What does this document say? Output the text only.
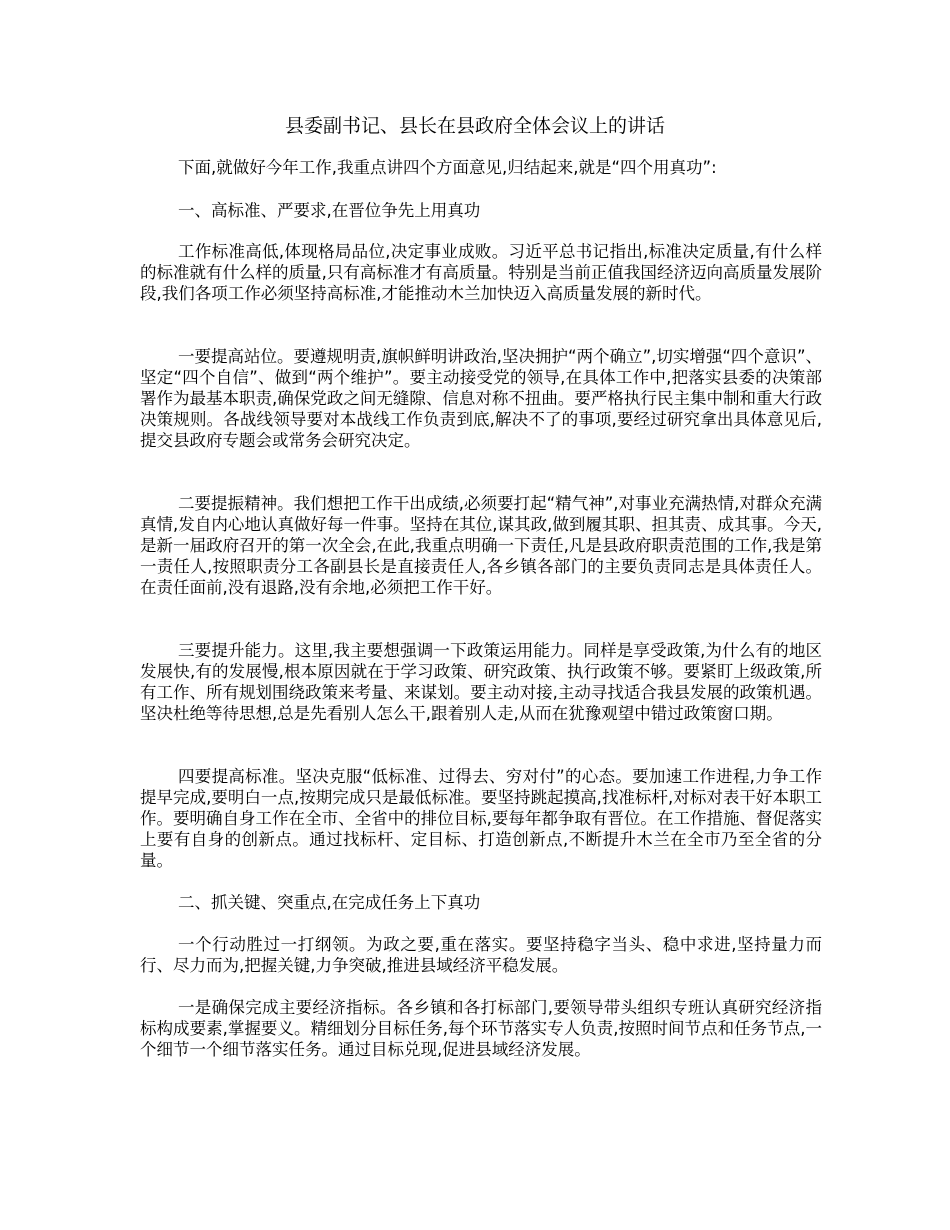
县委副书记、县长在县政府全体会议上的讲话

下面,就做好今年工作,我重点讲四个方面意见,归结起来,就是“四个用真功”:

一、高标准、严要求,在晋位争先上用真功

工作标准高低,体现格局品位,决定事业成败。习近平总书记指出,标准决定质量,有什么样的标准就有什么样的质量,只有高标准才有高质量。特别是当前正值我国经济迈向高质量发展阶段,我们各项工作必须坚持高标准,才能推动木兰加快迈入高质量发展的新时代。

一要提高站位。要遵规明责,旗帜鲜明讲政治,坚决拥护“两个确立”,切实增强“四个意识”、坚定“四个自信”、做到“两个维护”。要主动接受党的领导,在具体工作中,把落实县委的决策部署作为最基本职责,确保党政之间无缝隙、信息对称不扭曲。要严格执行民主集中制和重大行政决策规则。各战线领导要对本战线工作负责到底,解决不了的事项,要经过研究拿出具体意见后,提交县政府专题会或常务会研究决定。

二要提振精神。我们想把工作干出成绩,必须要打起“精气神”,对事业充满热情,对群众充满真情,发自内心地认真做好每一件事。坚持在其位,谋其政,做到履其职、担其责、成其事。今天,是新一届政府召开的第一次全会,在此,我重点明确一下责任,凡是县政府职责范围的工作,我是第一责任人,按照职责分工各副县长是直接责任人,各乡镇各部门的主要负责同志是具体责任人。在责任面前,没有退路,没有余地,必须把工作干好。

三要提升能力。这里,我主要想强调一下政策运用能力。同样是享受政策,为什么有的地区发展快,有的发展慢,根本原因就在于学习政策、研究政策、执行政策不够。要紧盯上级政策,所有工作、所有规划围绕政策来考量、来谋划。要主动对接,主动寻找适合我县发展的政策机遇。坚决杜绝等待思想,总是先看别人怎么干,跟着别人走,从而在犹豫观望中错过政策窗口期。

四要提高标准。坚决克服“低标准、过得去、穷对付”的心态。要加速工作进程,力争工作提早完成,要明白一点,按期完成只是最低标准。要坚持跳起摸高,找准标杆,对标对表干好本职工作。要明确自身工作在全市、全省中的排位目标,要每年都争取有晋位。在工作措施、督促落实上要有自身的创新点。通过找标杆、定目标、打造创新点,不断提升木兰在全市乃至全省的分量。

二、抓关键、突重点,在完成任务上下真功

一个行动胜过一打纲领。为政之要,重在落实。要坚持稳字当头、稳中求进,坚持量力而行、尽力而为,把握关键,力争突破,推进县域经济平稳发展。

一是确保完成主要经济指标。各乡镇和各打标部门,要领导带头组织专班认真研究经济指标构成要素,掌握要义。精细划分目标任务,每个环节落实专人负责,按照时间节点和任务节点,一个细节一个细节落实任务。通过目标兑现,促进县域经济发展。
